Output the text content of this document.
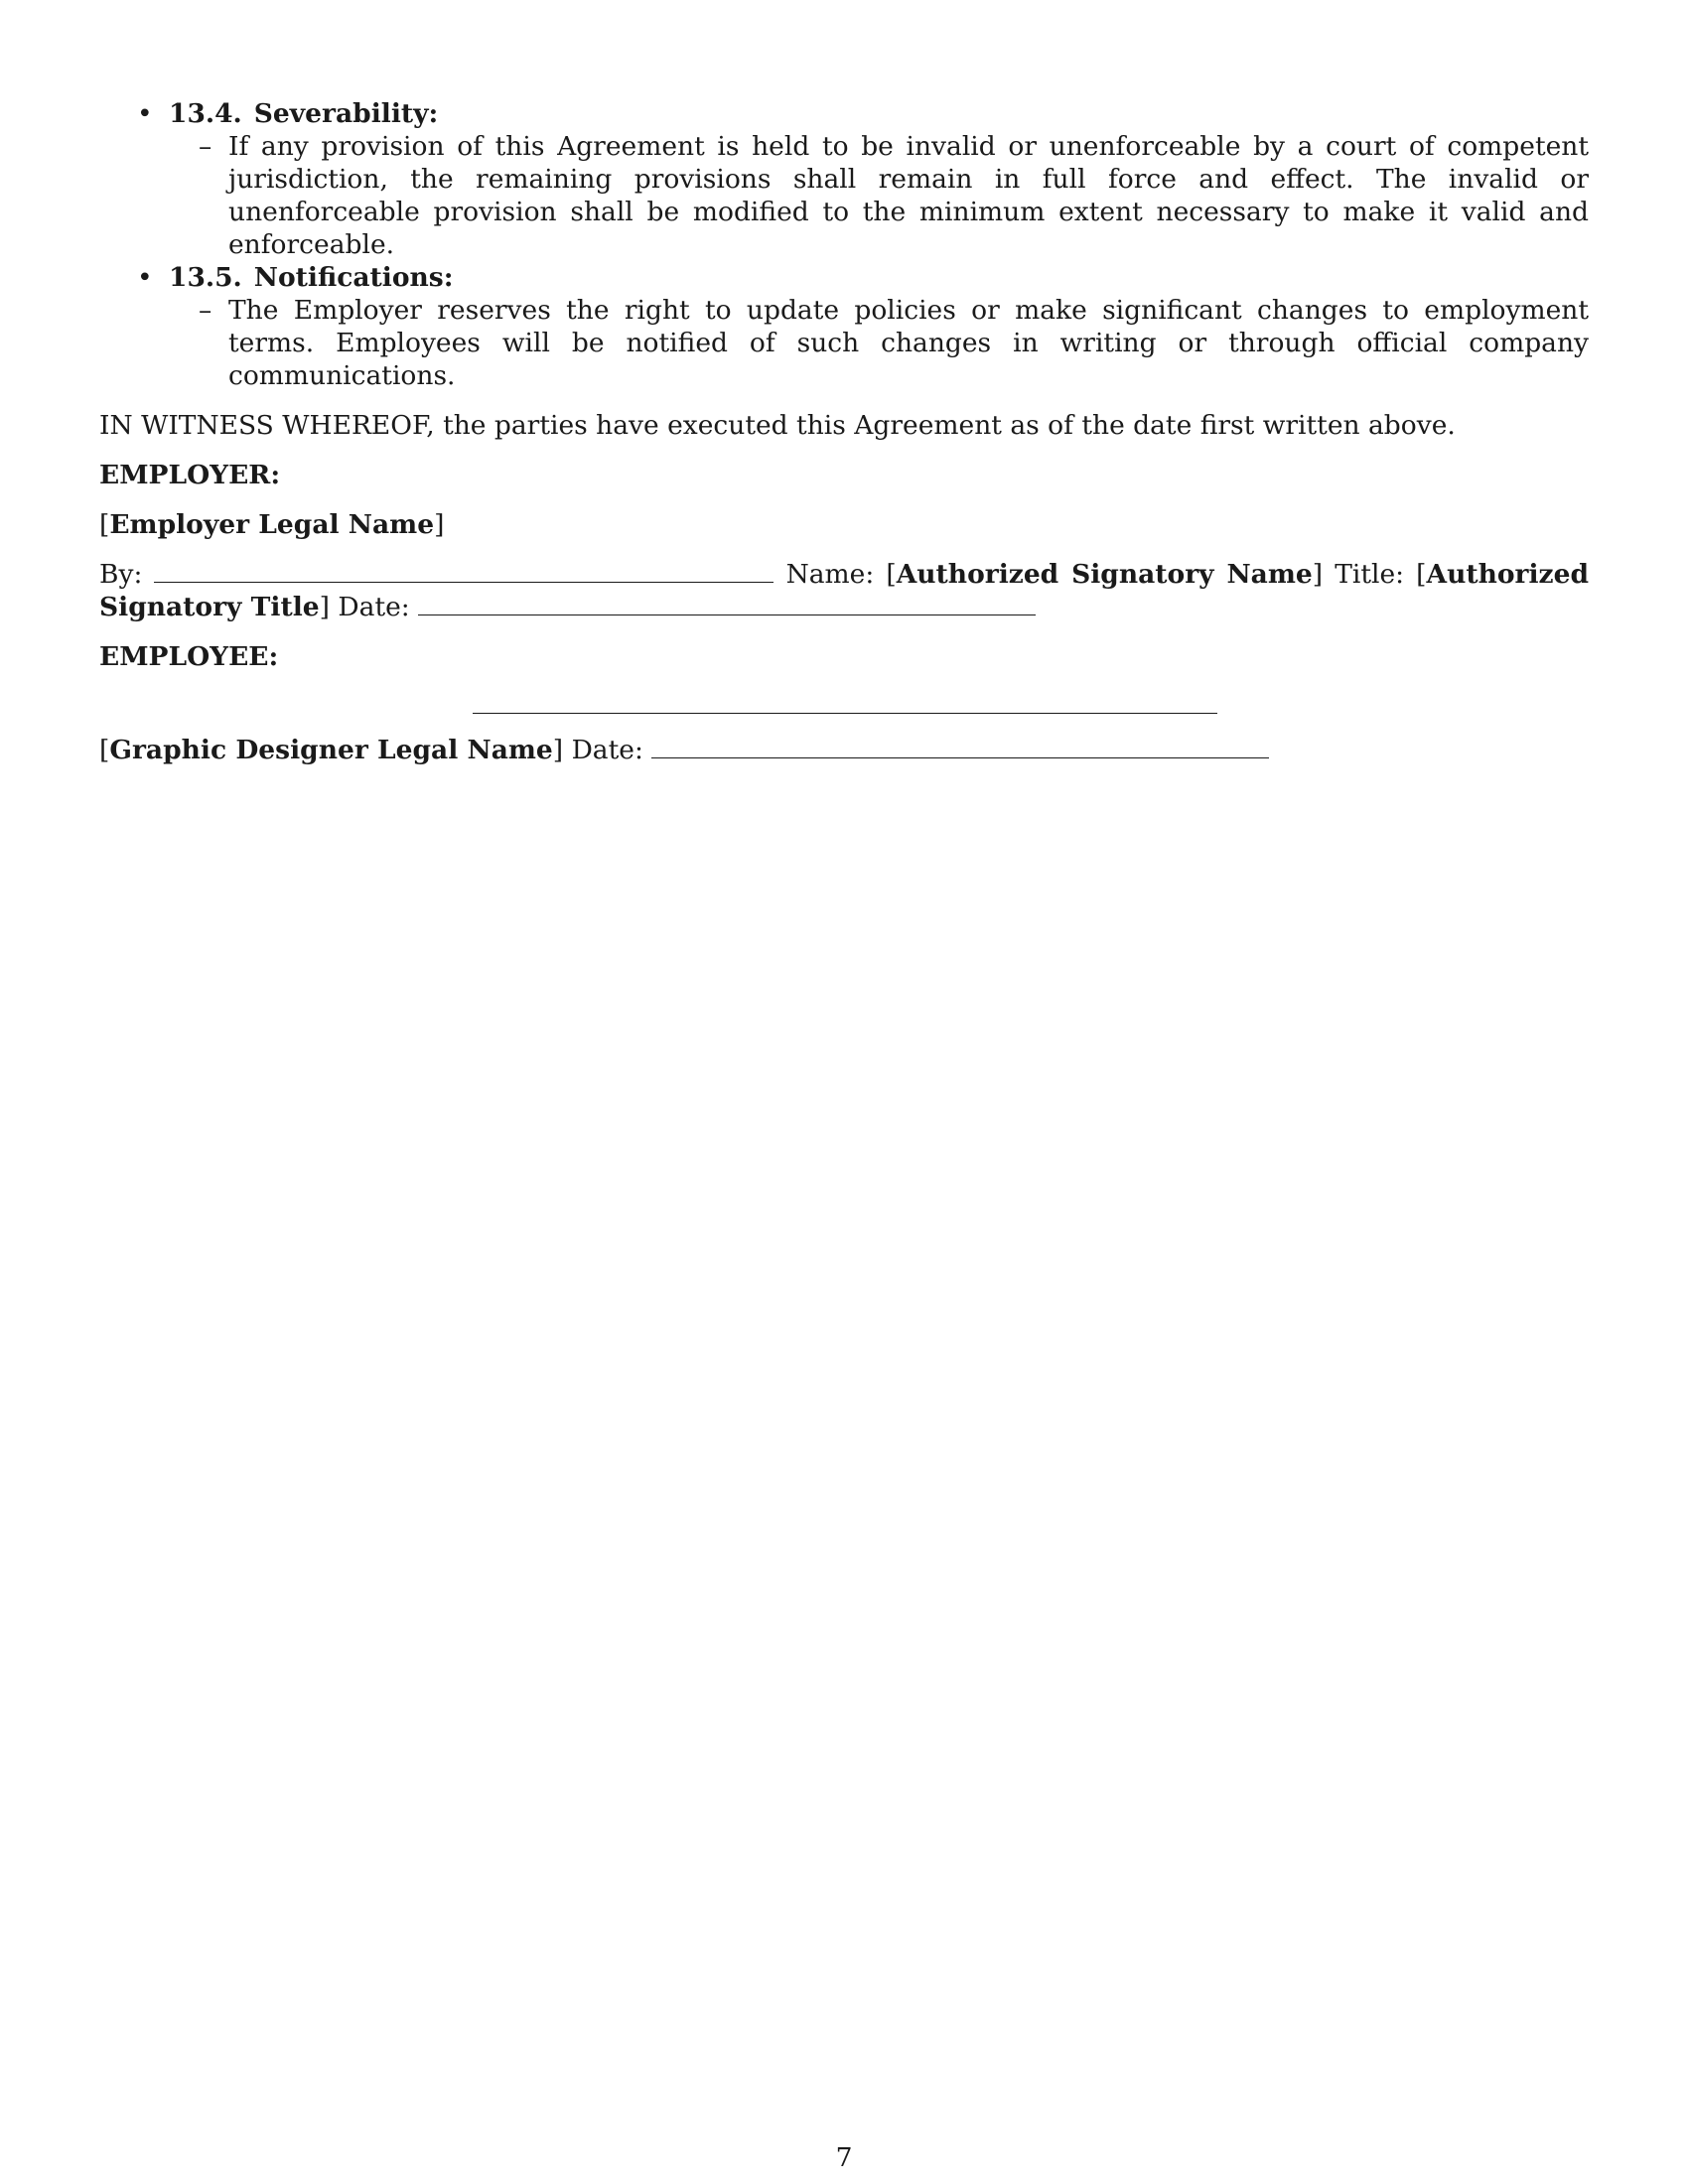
• 13.4. Severability:
– If any provision of this Agreement is held to be invalid or unenforceable by a court of competent jurisdiction, the remaining provisions shall remain in full force and effect. The invalid or unenforceable provision shall be modified to the minimum extent necessary to make it valid and enforceable.
• 13.5. Notifications:
– The Employer reserves the right to update policies or make significant changes to employment terms. Employees will be notified of such changes in writing or through official company communications.

IN WITNESS WHEREOF, the parties have executed this Agreement as of the date first written above.

EMPLOYER:

[Employer Legal Name]

By:	Name: [Authorized Signatory Name] Title: [Authorized Signatory Title] Date:

EMPLOYEE:

[Graphic Designer Legal Name] Date:

7
